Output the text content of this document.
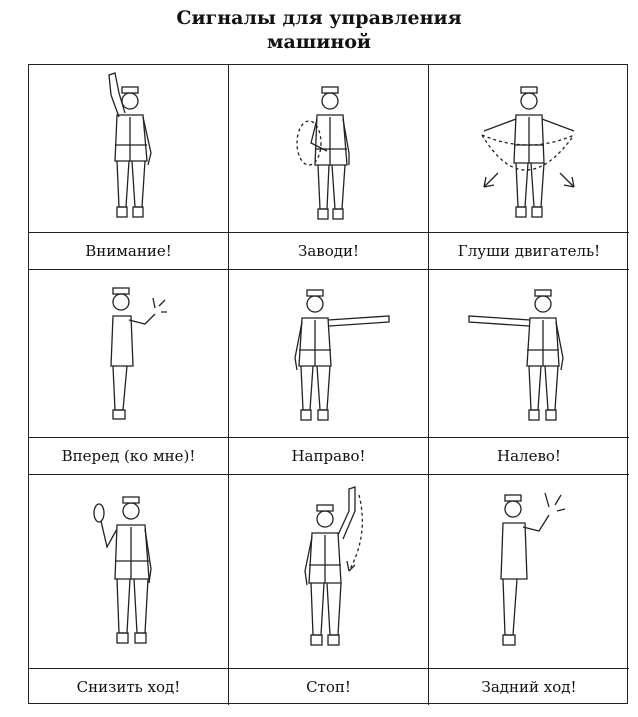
Сигналы для управления
машиной
Внимание!	Заводи!	Глуши двигатель!
Вперед (ко мне)!	Направо!	Налево!
Снизить ход!	Стоп!	Задний ход!
